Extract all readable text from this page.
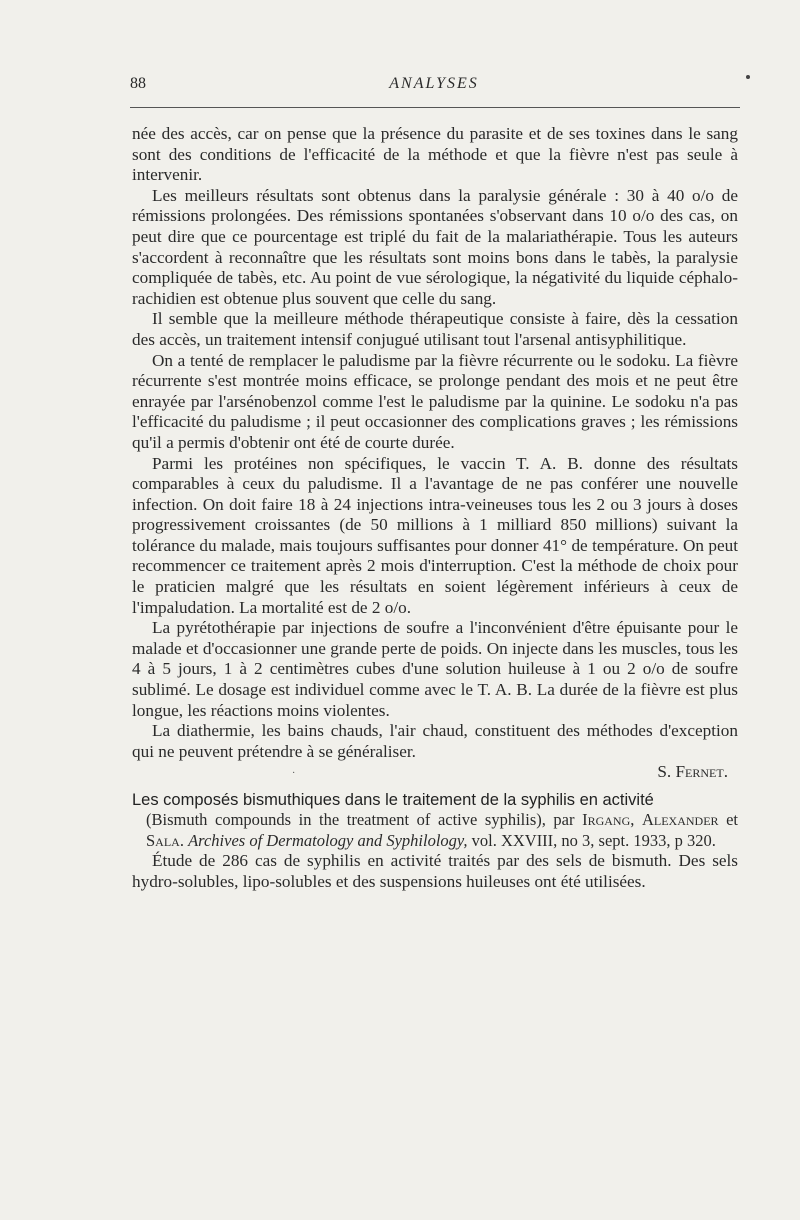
88	ANALYSES

née des accès, car on pense que la présence du parasite et de ses toxines dans le sang sont des conditions de l'efficacité de la méthode et que la fièvre n'est pas seule à intervenir.

Les meilleurs résultats sont obtenus dans la paralysie générale : 30 à 40 o/o de rémissions prolongées. Des rémissions spontanées s'observant dans 10 o/o des cas, on peut dire que ce pourcentage est triplé du fait de la malariathérapie. Tous les auteurs s'accordent à reconnaître que les résultats sont moins bons dans le tabès, la paralysie compliquée de tabès, etc. Au point de vue sérologique, la négativité du liquide céphalo-rachidien est obtenue plus souvent que celle du sang.

Il semble que la meilleure méthode thérapeutique consiste à faire, dès la cessation des accès, un traitement intensif conjugué utilisant tout l'arsenal antisyphilitique.

On a tenté de remplacer le paludisme par la fièvre récurrente ou le sodoku. La fièvre récurrente s'est montrée moins efficace, se prolonge pendant des mois et ne peut être enrayée par l'arsénobenzol comme l'est le paludisme par la quinine. Le sodoku n'a pas l'efficacité du paludisme ; il peut occasionner des complications graves ; les rémissions qu'il a permis d'obtenir ont été de courte durée.

Parmi les protéines non spécifiques, le vaccin T. A. B. donne des résultats comparables à ceux du paludisme. Il a l'avantage de ne pas conférer une nouvelle infection. On doit faire 18 à 24 injections intra-veineuses tous les 2 ou 3 jours à doses progressivement croissantes (de 50 millions à 1 milliard 850 millions) suivant la tolérance du malade, mais toujours suffisantes pour donner 41° de température. On peut recommencer ce traitement après 2 mois d'interruption. C'est la méthode de choix pour le praticien malgré que les résultats en soient légèrement inférieurs à ceux de l'impaludation. La mortalité est de 2 o/o.

La pyrétothérapie par injections de soufre a l'inconvénient d'être épuisante pour le malade et d'occasionner une grande perte de poids. On injecte dans les muscles, tous les 4 à 5 jours, 1 à 2 centimètres cubes d'une solution huileuse à 1 ou 2 o/o de soufre sublimé. Le dosage est individuel comme avec le T. A. B. La durée de la fièvre est plus longue, les réactions moins violentes.

La diathermie, les bains chauds, l'air chaud, constituent des méthodes d'exception qui ne peuvent prétendre à se généraliser.

·	S. Fernet.
Les composés bismuthiques dans le traitement de la syphilis en activité
(Bismuth compounds in the treatment of active syphilis), par Irgang, Alexander et Sala. Archives of Dermatology and Syphilology, vol. XXVIII, no 3, sept. 1933, p 320.

Étude de 286 cas de syphilis en activité traités par des sels de bismuth. Des sels hydro-solubles, lipo-solubles et des suspensions huileuses ont été utilisées.
